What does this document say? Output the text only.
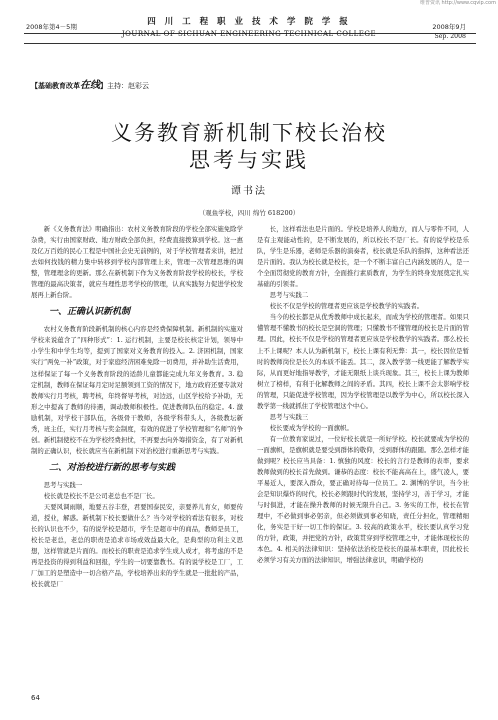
维普资讯 http://www.cqvip.com
四 川 工 程 职 业 技 术 学 院 学 报
2008年第4－5期	2008年9月
JOURNAL OF SICHUAN ENGINEERING TECHNICAL COLLEGE	Sep. 2008
【基础教育改革在线】主持：赵彩云
义务教育新机制下校长治校
思考与实践
谭书法
（观鱼学校，四川 绵竹 618200）

新《义务教育法》明确指出：农村义务教育阶段的学校全部实施免除学杂费，实行由国家财政、地方财政全部负担，经费直接拨算到学校。这一惠及亿万百姓的民心工程是中国社会史无前例的，对于学校管理者来讲，把过去如何找钱的精力集中转移到学校内部管理上来，管理一次管理思维的调整，管理理念的更新。那么在新机制下作为义务教育阶段学校的校长，学校管理的最高决策者，就应当理性思考学校的管理，认真实践努力促进学校发展再上新台阶。

一、正确认识新机制

农村义务教育阶段新机制的核心内容是经费保障机制。新机制的实施对学校来说蕴含了“四种形式”：1. 运行机制，主要是校长核定计划，领导中小学生和中学生均等，提到了国家对义务教育的投入。2. 济困机制，国家实行“两免一补”政策，对于家庭经济困难免除一切费用，并补助生活费用，这样保证了每一个义务教育阶段的适龄儿童都能完成九年义务教育。3. 稳定机制，教师在保证每月定时足额领到工资的情况下，地方政府还要专款对教师实行月考核，聘考核，年终督导考核，对边远，山区学校给予补助，无形之中提高了教师的待遇，调动教师积极性。促进教师队伍的稳定。4. 激励机制，对学校干部队伍，各级骨干教师，各级学科带头人，各级教坛新秀，班主任，实行月考核与奖金制度，有效的促进了学校管理和“名师”的争创。新机制使校不在为学校经费担忧，不再要去向外筹措资金，有了对新机制的正确认识，校长就应当在新机制下对治校进行重新思考与实践。

二、对治校进行新的思考与实践

思考与实践一

校长就是校长不是公司老总也不是厂长。

天要风调雨顺，地要五谷丰登，君要国泰民安，亲要养儿育女，师要传道，授业，解惑。新机制下校长要做什么？当今对学校的看法有很多，对校长的认识也不少，有的说学校是超市，学生是超市中的商品，教师是员工，校长是老总，老总的职责是追求市场或效益最大化，是典型的功利主义思想，这样管就是片面的。而校长的职责是追求学生成人成才，将考虑的不是再是投资的得到利益和回报，学生的一切要靠教书。有的说学校是工厂，工厂加工的是塑造中一切合格产品，学校培养出来的学生就是一批批的产品，校长就是厂

长，这样看法也是片面的。学校是培养人的地方，而人与零件不同，人是有主观能动性的，是不断发展的，所以校长不是厂长。有的说学校是乐队，学生是乐器，老师是乐器的演奏者，校长就是乐队的指挥，这种看法还是片面的。我认为校长就是校长，是一个不断丰富自己内涵发展的人，是一个全面贯彻党的教育方针，全面推行素质教育，为学生的终身发展奠定扎实基础的引领者。

思考与实践二

校长不仅是学校的管理者更应该是学校教学的实践者。

当今的校长都是从优秀教师中成长起来，而成为学校的管理者。如果只懂管理不懂教书的校长是空洞的管理；只懂教书不懂管理的校长是片面的管理。因此，校长不仅是学校的管理者更应该是学校教学的实践者。那么校长上不上课呢？本人认为新机制下，校长上课有利无弊：其一，校长因位是暂时的教师岗位是长久的本质不能丢。其二，深入教学第一线更能了解教学实际，从而更好地指导教学，才能无限纸上谈兵现象。其三，校长上课为教师树立了榜样，有利于化解教师之间的矛盾。其四，校长上课不会太影响学校的管理，只能促进学校管理，因为学校管理是以教学为中心，所以校长深入教学第一线就抓住了学校管理这个中心。

思考与实践三

校长要成为学校的一面旗帜。

有一位教育家说过，一位好校长就是一所好学校。校长就要成为学校的一面旗帜，是旗帜就是要受到群体的敬仰，受到群体的跟随。那么怎样才能做到呢？校长应当具备：1. 慎独的风度：校长的言行是教师的表率，要求教师做到的校长首先做到。谦恭的态度：校长不能高高在上，盛气凌人，要平易近人，要深入群众，要正确对待每一位员工。2. 渊博的学识，当今社会是知识爆炸的时代，校长必须跟时代的发展，坚持学习，善于学习，才能与时俱进，才能在操升教师的时候无限升自己。3. 务实的工作，校长在管理中，不必做到事必躬亲，但必须做到事必知晓，责任分担化，管理精细化，务实是干好一切工作的保证。3. 较高的政策水平，校长要认真学习党的方针，政策，并把党的方针，政策贯穿到学校管理之中，才能体现校长的本色。4. 相关的法律知识：坚持依法治校是校长的最基本职责，因此校长必须学习有关方面的法律知识，增强法律意识，明确学校的

64
